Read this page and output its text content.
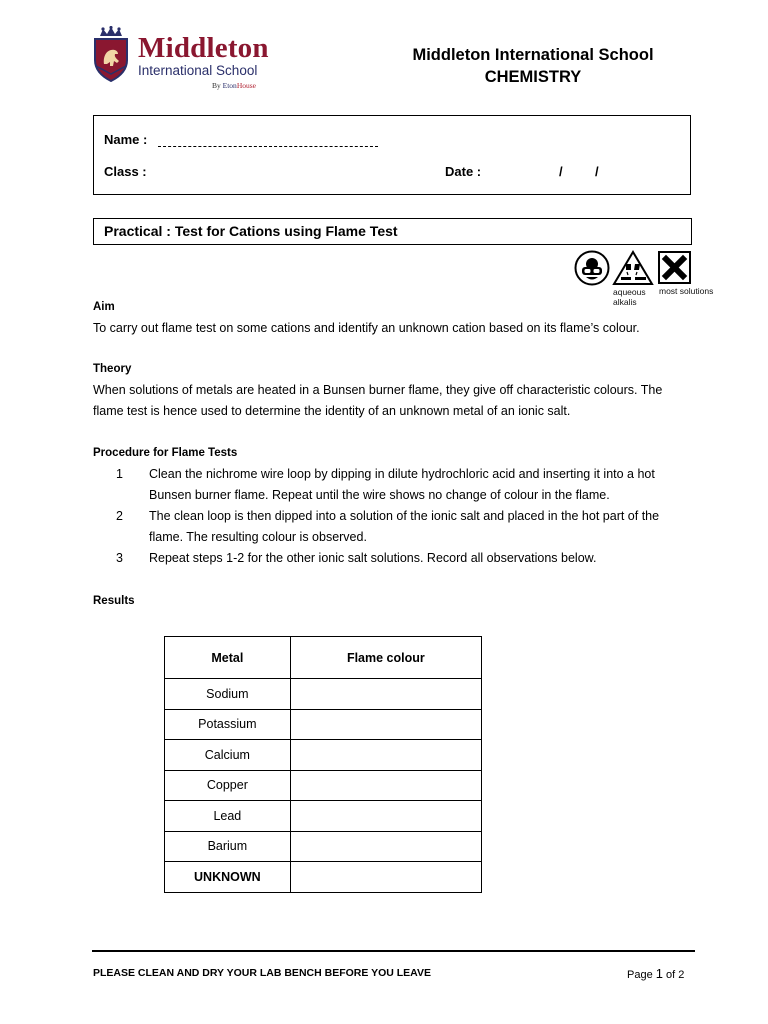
Middleton
International School
By EtonHouse
Middleton International School
CHEMISTRY
Name :
Class :	Date :	/ /
Practical : Test for Cations using Flame Test
aqueous
alkalis
most solutions
Aim
To carry out flame test on some cations and identify an unknown cation based on its flame’s colour.
Theory
When solutions of metals are heated in a Bunsen burner flame, they give off characteristic colours. The
flame test is hence used to determine the identity of an unknown metal of an ionic salt.
Procedure for Flame Tests
1	Clean the nichrome wire loop by dipping in dilute hydrochloric acid and inserting it into a hot
Bunsen burner flame. Repeat until the wire shows no change of colour in the flame.
2	The clean loop is then dipped into a solution of the ionic salt and placed in the hot part of the
flame. The resulting colour is observed.
3	Repeat steps 1-2 for the other ionic salt solutions. Record all observations below.
Results
Metal	Flame colour
Sodium	
Potassium	
Calcium	
Copper	
Lead	
Barium	
UNKNOWN	
PLEASE CLEAN AND DRY YOUR LAB BENCH BEFORE YOU LEAVE	Page 1 of 2
